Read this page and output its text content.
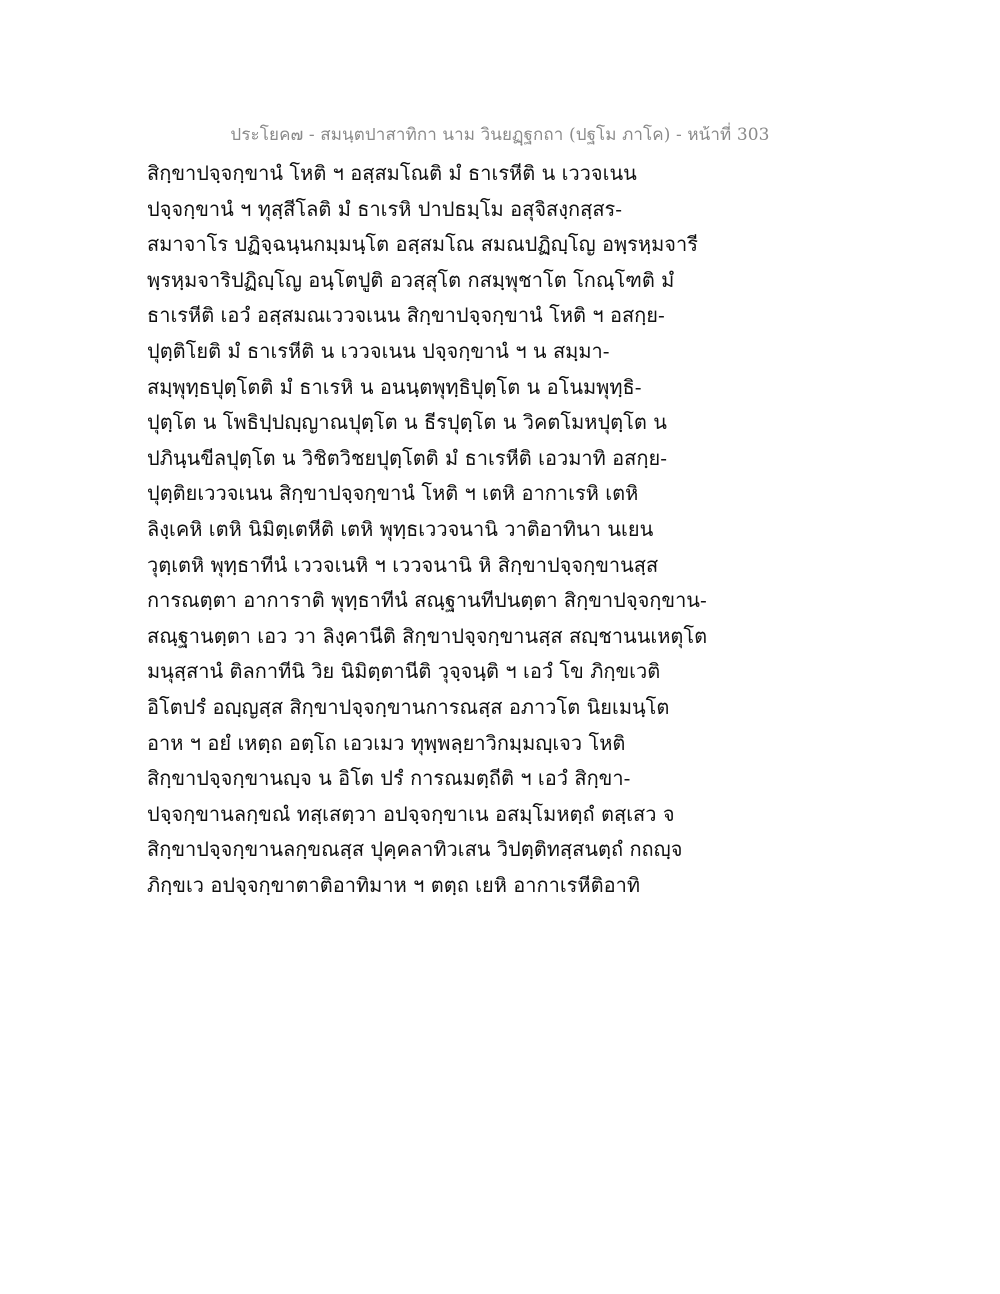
ประโยค๗ - สมนฺตปาสาทิกา นาม วินยฏฺฐกถา (ปฐโม ภาโค) - หน้าที่ 303
สิกฺขาปจฺจกฺขานํ โหติ ฯ อสฺสมโณติ มํ ธาเรหีติ น เววจเนน
ปจฺจกฺขานํ ฯ ทุสฺสีโลติ มํ ธาเรหิ ปาปธมฺโม อสุจิสงฺกสฺสร-
สมาจาโร ปฏิจฺฉนฺนกมฺมนฺโต อสฺสมโณ สมณปฏิญฺโญ อพฺรหฺมจารี
พฺรหฺมจาริปฏิญฺโญ อนฺโตปูติ อวสฺสุโต กสมฺพุชาโต โกณฺโฑติ มํ
ธาเรหีติ เอวํ อสฺสมณเววจเนน สิกฺขาปจฺจกฺขานํ โหติ ฯ อสกฺย-
ปุตฺติโยติ มํ ธาเรหีติ น เววจเนน ปจฺจกฺขานํ ฯ น สมฺมา-
สมฺพุทฺธปุตฺโตติ มํ ธาเรหิ น อนนฺตพุทฺธิปุตฺโต น อโนมพุทฺธิ-
ปุตฺโต น โพธิปฺปญฺญาณปุตฺโต น ธีรปุตฺโต น วิคตโมหปุตฺโต น
ปภินฺนขีลปุตฺโต น วิชิตวิชยปุตฺโตติ มํ ธาเรหีติ เอวมาทิ อสกฺย-
ปุตฺติยเววจเนน สิกฺขาปจฺจกฺขานํ โหติ ฯ เตหิ อากาเรหิ เตหิ
ลิงฺเคหิ เตหิ นิมิตฺเตหีติ เตหิ พุทฺธเววจนานิ วาติอาทินา นเยน
วุตฺเตหิ พุทฺธาทีนํ เววจเนหิ ฯ เววจนานิ หิ สิกฺขาปจฺจกฺขานสฺส
การณตฺตา อาการาติ พุทฺธาทีนํ สณฺฐานทีปนตฺตา สิกฺขาปจฺจกฺขาน-
สณฺฐานตฺตา เอว วา ลิงฺคานีติ สิกฺขาปจฺจกฺขานสฺส สญฺชานนเหตุโต
มนุสฺสานํ ติลกาทีนิ วิย นิมิตฺตานีติ วุจฺจนฺติ ฯ เอวํ โข ภิกฺขเวติ
อิโตปรํ อญฺญสฺส สิกฺขาปจฺจกฺขานการณสฺส อภาวโต นิยเมนฺโต
อาห ฯ อยํ เหตฺถ อตฺโถ เอวเมว ทุพฺพลฺยาวิกมฺมญฺเจว โหติ
สิกฺขาปจฺจกฺขานญฺจ น อิโต ปรํ การณมตฺถีติ ฯ เอวํ สิกฺขา-
ปจฺจกฺขานลกฺขณํ ทสฺเสตฺวา อปจฺจกฺขาเน อสมฺโมหตฺถํ ตสฺเสว จ
สิกฺขาปจฺจกฺขานลกฺขณสฺส ปุคฺคลาทิวเสน วิปตฺติทสฺสนตฺถํ กถญฺจ
ภิกฺขเว อปจฺจกฺขาตาติอาทิมาห ฯ ตตฺถ เยหิ อากาเรหีติอาทิ
